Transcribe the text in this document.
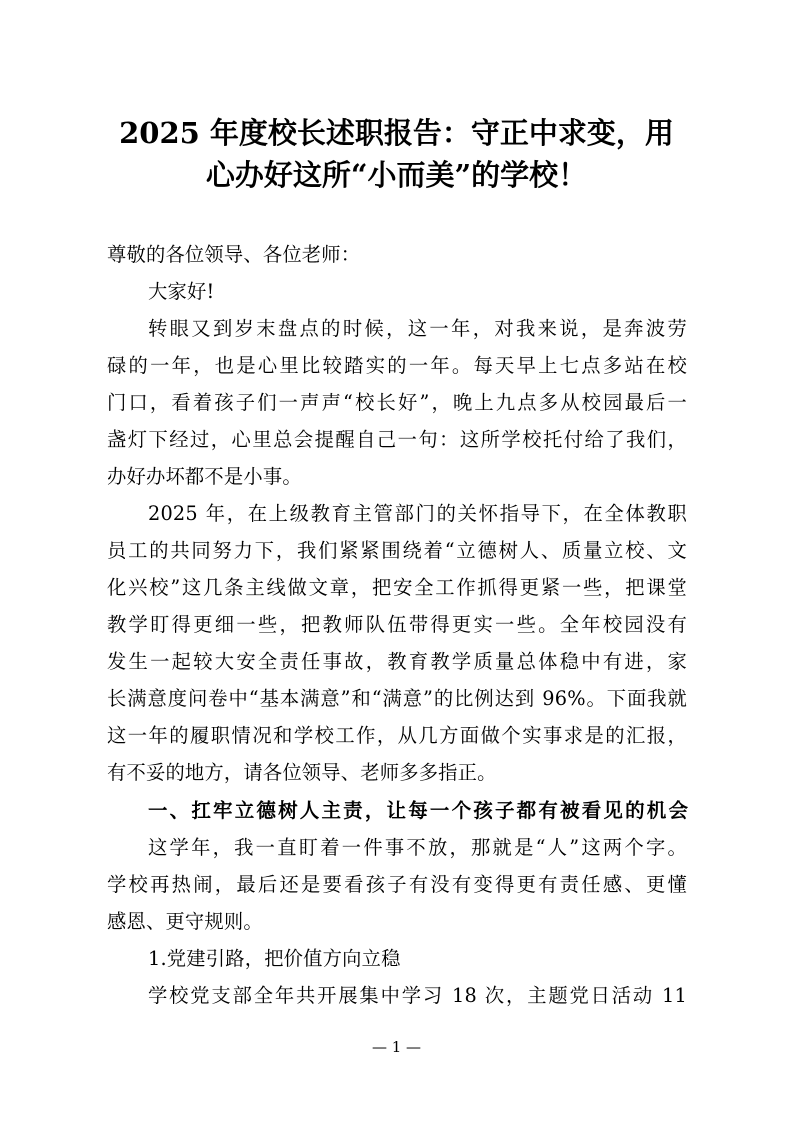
2025 年度校长述职报告：守正中求变，用
心办好这所“小而美”的学校！
尊敬的各位领导、各位老师：
大家好!
转眼又到岁末盘点的时候，这一年，对我来说，是奔波劳
碌的一年，也是心里比较踏实的一年。每天早上七点多站在校
门口，看着孩子们一声声“校长好”，晚上九点多从校园最后一
盏灯下经过，心里总会提醒自己一句：这所学校托付给了我们，
办好办坏都不是小事。
2025 年，在上级教育主管部门的关怀指导下，在全体教职
员工的共同努力下，我们紧紧围绕着“立德树人、质量立校、文
化兴校”这几条主线做文章，把安全工作抓得更紧一些，把课堂
教学盯得更细一些，把教师队伍带得更实一些。全年校园没有
发生一起较大安全责任事故，教育教学质量总体稳中有进，家
长满意度问卷中“基本满意”和“满意”的比例达到 96%。下面我就
这一年的履职情况和学校工作，从几方面做个实事求是的汇报，
有不妥的地方，请各位领导、老师多多指正。
一、扛牢立德树人主责，让每一个孩子都有被看见的机会
这学年，我一直盯着一件事不放，那就是“人”这两个字。
学校再热闹，最后还是要看孩子有没有变得更有责任感、更懂
感恩、更守规则。
1.党建引路，把价值方向立稳
学校党支部全年共开展集中学习 18 次，主题党日活动 11
— 1 —
